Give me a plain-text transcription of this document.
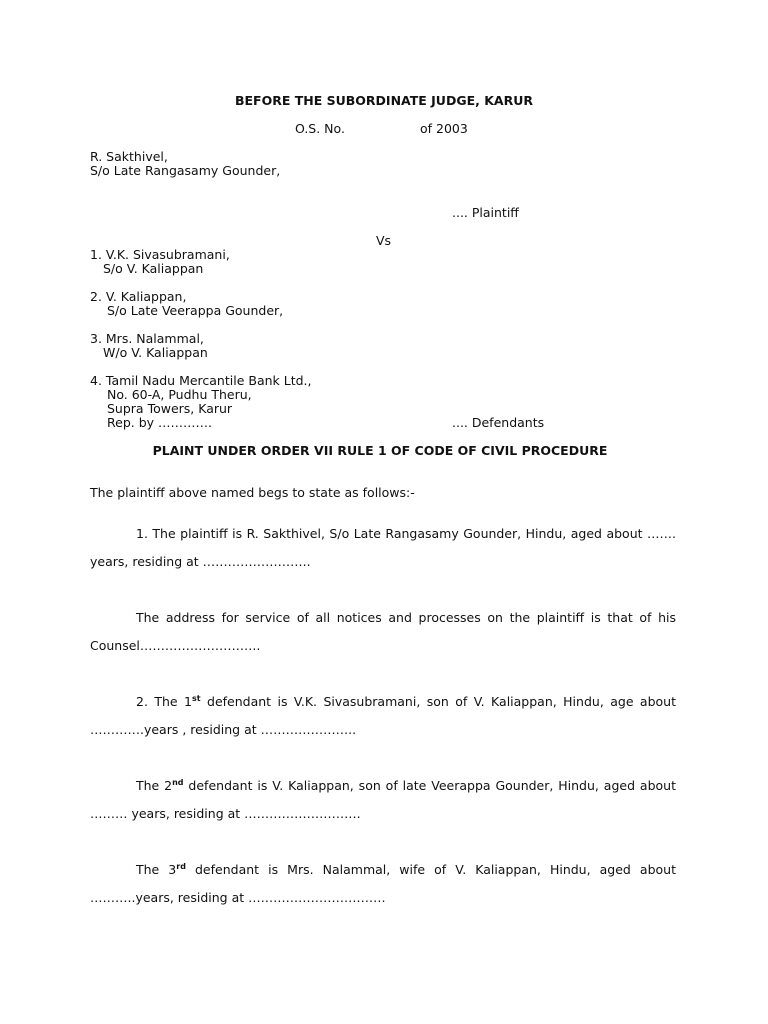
BEFORE THE SUBORDINATE JUDGE, KARUR
O.S. No.	of 2003
R. Sakthivel,
S/o Late Rangasamy Gounder,
.... Plaintiff
Vs
1. V.K. Sivasubramani,
S/o V. Kaliappan
2. V. Kaliappan,
S/o Late Veerappa Gounder,
3. Mrs. Nalammal,
W/o V. Kaliappan
4. Tamil Nadu Mercantile Bank Ltd.,
No. 60-A, Pudhu Theru,
Supra Towers, Karur
Rep. by ………….	.... Defendants
PLAINT UNDER ORDER VII RULE 1 OF CODE OF CIVIL PROCEDURE
The plaintiff above named begs to state as follows:-
1. The plaintiff is R. Sakthivel, S/o Late Rangasamy Gounder, Hindu, aged about ……. years, residing at ……………………..
The address for service of all notices and processes on the plaintiff is that of his Counsel………………………..
2. The 1st defendant is V.K. Sivasubramani, son of V. Kaliappan, Hindu, age about ………….years , residing at …………………..
The 2nd defendant is V. Kaliappan, son of late Veerappa Gounder, Hindu, aged about ……… years, residing at ……………………….
The 3rd defendant is Mrs. Nalammal, wife of V. Kaliappan, Hindu, aged about ………..years, residing at ……………………………
